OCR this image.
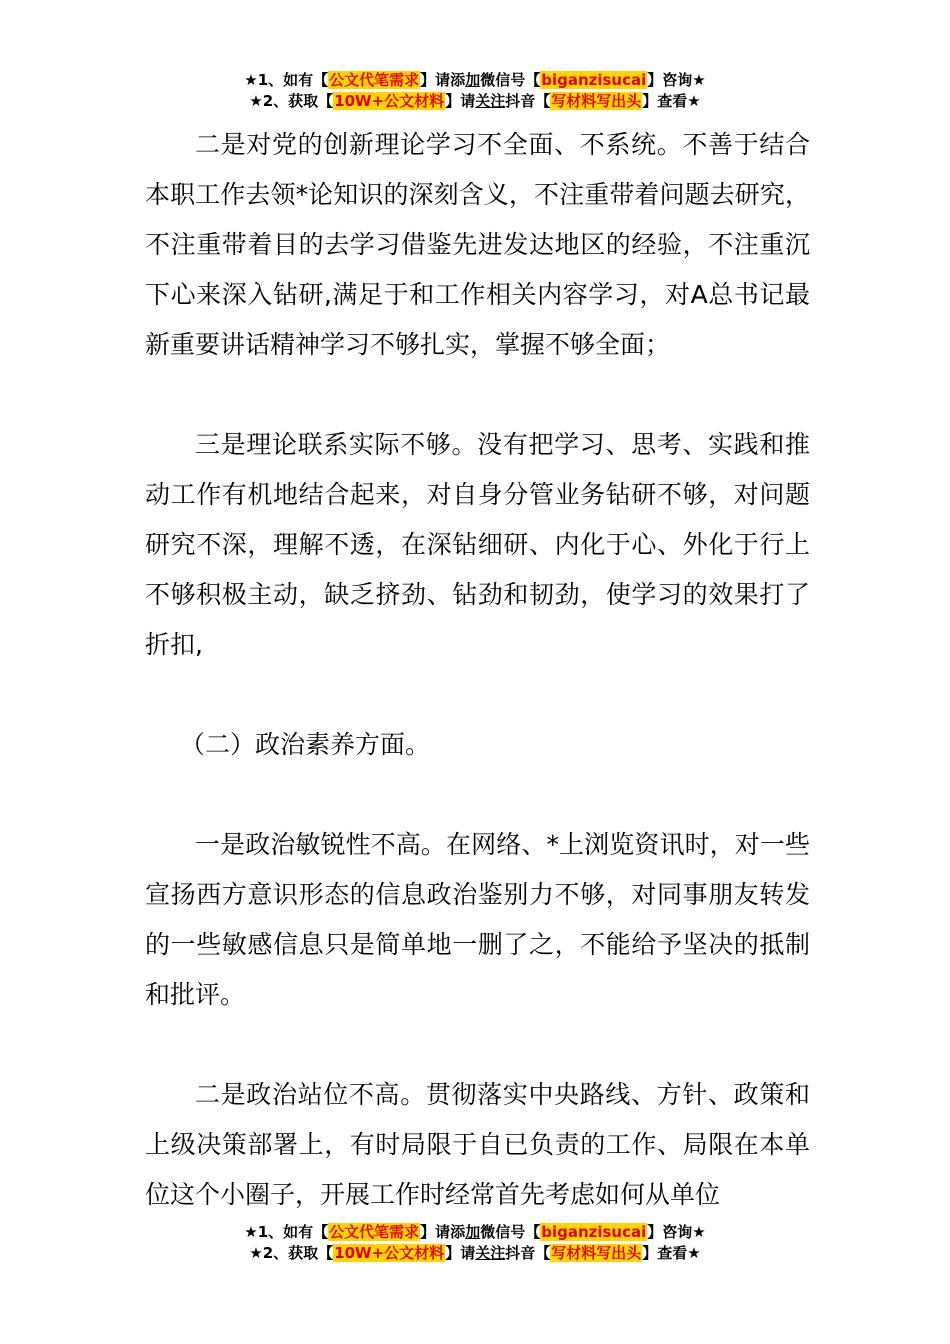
★1、如有【公文代笔需求】请添加微信号【biganzisucai】咨询★
★2、获取【10W+公文材料】请关注抖音【写材料写出头】查看★

二是对党的创新理论学习不全面、不系统。不善于结合本职工作去领*论知识的深刻含义，不注重带着问题去研究，不注重带着目的去学习借鉴先进发达地区的经验，不注重沉下心来深入钻研,满足于和工作相关内容学习，对A总书记最新重要讲话精神学习不够扎实，掌握不够全面；

三是理论联系实际不够。没有把学习、思考、实践和推动工作有机地结合起来，对自身分管业务钻研不够，对问题研究不深，理解不透，在深钻细研、内化于心、外化于行上不够积极主动，缺乏挤劲、钻劲和韧劲，使学习的效果打了折扣,

（二）政治素养方面。

一是政治敏锐性不高。在网络、*上浏览资讯时，对一些宣扬西方意识形态的信息政治鉴别力不够，对同事朋友转发的一些敏感信息只是简单地一删了之，不能给予坚决的抵制和批评。

二是政治站位不高。贯彻落实中央路线、方针、政策和上级决策部署上，有时局限于自已负责的工作、局限在本单位这个小圈子，开展工作时经常首先考虑如何从单位

★1、如有【公文代笔需求】请添加微信号【biganzisucai】咨询★
★2、获取【10W+公文材料】请关注抖音【写材料写出头】查看★
